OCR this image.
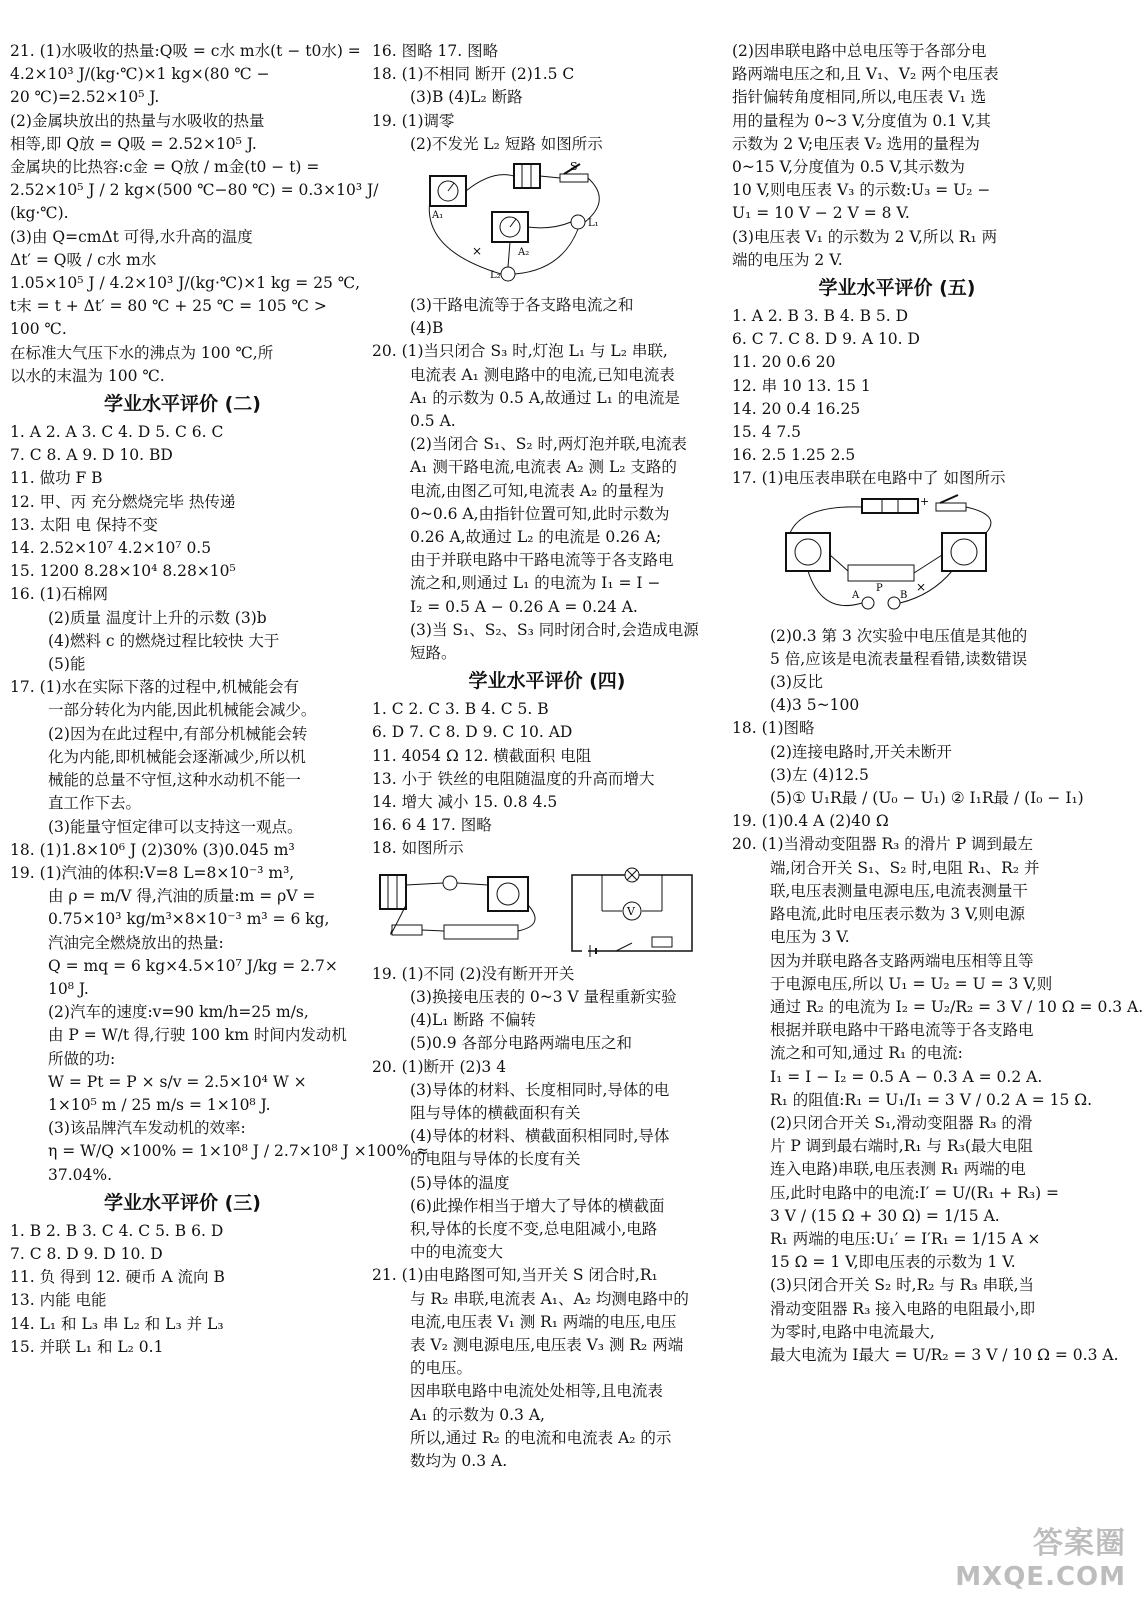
21. (1)水吸收的热量:Q吸 = c水 m水(t − t0水) =
4.2×10³ J/(kg·℃)×1 kg×(80 ℃ −
20 ℃)=2.52×10⁵ J.
(2)金属块放出的热量与水吸收的热量
相等,即 Q放 = Q吸 = 2.52×10⁵ J.
金属块的比热容:c金 = Q放 / m金(t0 − t) =
2.52×10⁵ J / 2 kg×(500 ℃−80 ℃) = 0.3×10³ J/
(kg·℃).
(3)由 Q=cmΔt 可得,水升高的温度
Δt′ = Q吸 / c水 m水
1.05×10⁵ J / 4.2×10³ J/(kg·℃)×1 kg = 25 ℃,
t末 = t + Δt′ = 80 ℃ + 25 ℃ = 105 ℃ >
100 ℃.
在标准大气压下水的沸点为 100 ℃,所
以水的末温为 100 ℃.
学业水平评价 (二)
1. A 2. A 3. C 4. D 5. C 6. C
7. C 8. A 9. D 10. BD
11. 做功 F B
12. 甲、丙 充分燃烧完毕 热传递
13. 太阳 电 保持不变
14. 2.52×10⁷ 4.2×10⁷ 0.5
15. 1200 8.28×10⁴ 8.28×10⁵
16. (1)石棉网
(2)质量 温度计上升的示数 (3)b
(4)燃料 c 的燃烧过程比较快 大于
(5)能
17. (1)水在实际下落的过程中,机械能会有
一部分转化为内能,因此机械能会减少。
(2)因为在此过程中,有部分机械能会转
化为内能,即机械能会逐渐减少,所以机
械能的总量不守恒,这种水动机不能一
直工作下去。
(3)能量守恒定律可以支持这一观点。
18. (1)1.8×10⁶ J (2)30% (3)0.045 m³
19. (1)汽油的体积:V=8 L=8×10⁻³ m³,
由 ρ = m/V 得,汽油的质量:m = ρV =
0.75×10³ kg/m³×8×10⁻³ m³ = 6 kg,
汽油完全燃烧放出的热量:
Q = mq = 6 kg×4.5×10⁷ J/kg = 2.7×
10⁸ J.
(2)汽车的速度:v=90 km/h=25 m/s,
由 P = W/t 得,行驶 100 km 时间内发动机
所做的功:
W = Pt = P × s/v = 2.5×10⁴ W ×
1×10⁵ m / 25 m/s = 1×10⁸ J.
(3)该品牌汽车发动机的效率:
η = W/Q ×100% = 1×10⁸ J / 2.7×10⁸ J ×100% ≈
37.04%.
学业水平评价 (三)
1. B 2. B 3. C 4. C 5. B 6. D
7. C 8. D 9. D 10. D
11. 负 得到 12. 硬币 A 流向 B
13. 内能 电能
14. L₁ 和 L₃ 串 L₂ 和 L₃ 并 L₃
15. 并联 L₁ 和 L₂ 0.1
16. 图略 17. 图略
18. (1)不相同 断开 (2)1.5 C
(3)B (4)L₂ 断路
19. (1)调零
(2)不发光 L₂ 短路 如图所示
S
×
A₁
A₂
L₁
L₂
(3)干路电流等于各支路电流之和
(4)B
20. (1)当只闭合 S₃ 时,灯泡 L₁ 与 L₂ 串联,
电流表 A₁ 测电路中的电流,已知电流表
A₁ 的示数为 0.5 A,故通过 L₁ 的电流是
0.5 A.
(2)当闭合 S₁、S₂ 时,两灯泡并联,电流表
A₁ 测干路电流,电流表 A₂ 测 L₂ 支路的
电流,由图乙可知,电流表 A₂ 的量程为
0~0.6 A,由指针位置可知,此时示数为
0.26 A,故通过 L₂ 的电流是 0.26 A;
由于并联电路中干路电流等于各支路电
流之和,则通过 L₁ 的电流为 I₁ = I −
I₂ = 0.5 A − 0.26 A = 0.24 A.
(3)当 S₁、S₂、S₃ 同时闭合时,会造成电源
短路。
学业水平评价 (四)
1. C 2. C 3. B 4. C 5. B
6. D 7. C 8. D 9. C 10. AD
11. 4054 Ω 12. 横截面积 电阻
13. 小于 铁丝的电阻随温度的升高而增大
14. 增大 减小 15. 0.8 4.5
16. 6 4 17. 图略
18. 如图所示
V
19. (1)不同 (2)没有断开开关
(3)换接电压表的 0~3 V 量程重新实验
(4)L₁ 断路 不偏转
(5)0.9 各部分电路两端电压之和
20. (1)断开 (2)3 4
(3)导体的材料、长度相同时,导体的电
阻与导体的横截面积有关
(4)导体的材料、横截面积相同时,导体
的电阻与导体的长度有关
(5)导体的温度
(6)此操作相当于增大了导体的横截面
积,导体的长度不变,总电阻减小,电路
中的电流变大
21. (1)由电路图可知,当开关 S 闭合时,R₁
与 R₂ 串联,电流表 A₁、A₂ 均测电路中的
电流,电压表 V₁ 测 R₁ 两端的电压,电压
表 V₂ 测电源电压,电压表 V₃ 测 R₂ 两端
的电压。
因串联电路中电流处处相等,且电流表
A₁ 的示数为 0.3 A,
所以,通过 R₂ 的电流和电流表 A₂ 的示
数均为 0.3 A.
(2)因串联电路中总电压等于各部分电
路两端电压之和,且 V₁、V₂ 两个电压表
指针偏转角度相同,所以,电压表 V₁ 选
用的量程为 0~3 V,分度值为 0.1 V,其
示数为 2 V;电压表 V₂ 选用的量程为
0~15 V,分度值为 0.5 V,其示数为
10 V,则电压表 V₃ 的示数:U₃ = U₂ −
U₁ = 10 V − 2 V = 8 V.
(3)电压表 V₁ 的示数为 2 V,所以 R₁ 两
端的电压为 2 V.
学业水平评价 (五)
1. A 2. B 3. B 4. B 5. D
6. C 7. C 8. D 9. A 10. D
11. 20 0.6 20
12. 串 10 13. 15 1
14. 20 0.4 16.25
15. 4 7.5
16. 2.5 1.25 2.5
17. (1)电压表串联在电路中了 如图所示
+
A	B
P	×
(2)0.3 第 3 次实验中电压值是其他的
5 倍,应该是电流表量程看错,读数错误
(3)反比
(4)3 5~100
18. (1)图略
(2)连接电路时,开关未断开
(3)左 (4)12.5
(5)① U₁R最 / (U₀ − U₁) ② I₁R最 / (I₀ − I₁)
19. (1)0.4 A (2)40 Ω
20. (1)当滑动变阻器 R₃ 的滑片 P 调到最左
端,闭合开关 S₁、S₂ 时,电阻 R₁、R₂ 并
联,电压表测量电源电压,电流表测量干
路电流,此时电压表示数为 3 V,则电源
电压为 3 V.
因为并联电路各支路两端电压相等且等
于电源电压,所以 U₁ = U₂ = U = 3 V,则
通过 R₂ 的电流为 I₂ = U₂/R₂ = 3 V / 10 Ω = 0.3 A.
根据并联电路中干路电流等于各支路电
流之和可知,通过 R₁ 的电流:
I₁ = I − I₂ = 0.5 A − 0.3 A = 0.2 A.
R₁ 的阻值:R₁ = U₁/I₁ = 3 V / 0.2 A = 15 Ω.
(2)只闭合开关 S₁,滑动变阻器 R₃ 的滑
片 P 调到最右端时,R₁ 与 R₃(最大电阻
连入电路)串联,电压表测 R₁ 两端的电
压,此时电路中的电流:I′ = U/(R₁ + R₃) =
3 V / (15 Ω + 30 Ω) = 1/15 A.
R₁ 两端的电压:U₁′ = I′R₁ = 1/15 A ×
15 Ω = 1 V,即电压表的示数为 1 V.
(3)只闭合开关 S₂ 时,R₂ 与 R₃ 串联,当
滑动变阻器 R₃ 接入电路的电阻最小,即
为零时,电路中电流最大,
最大电流为 I最大 = U/R₂ = 3 V / 10 Ω = 0.3 A.
答案圈
MXQE.COM
